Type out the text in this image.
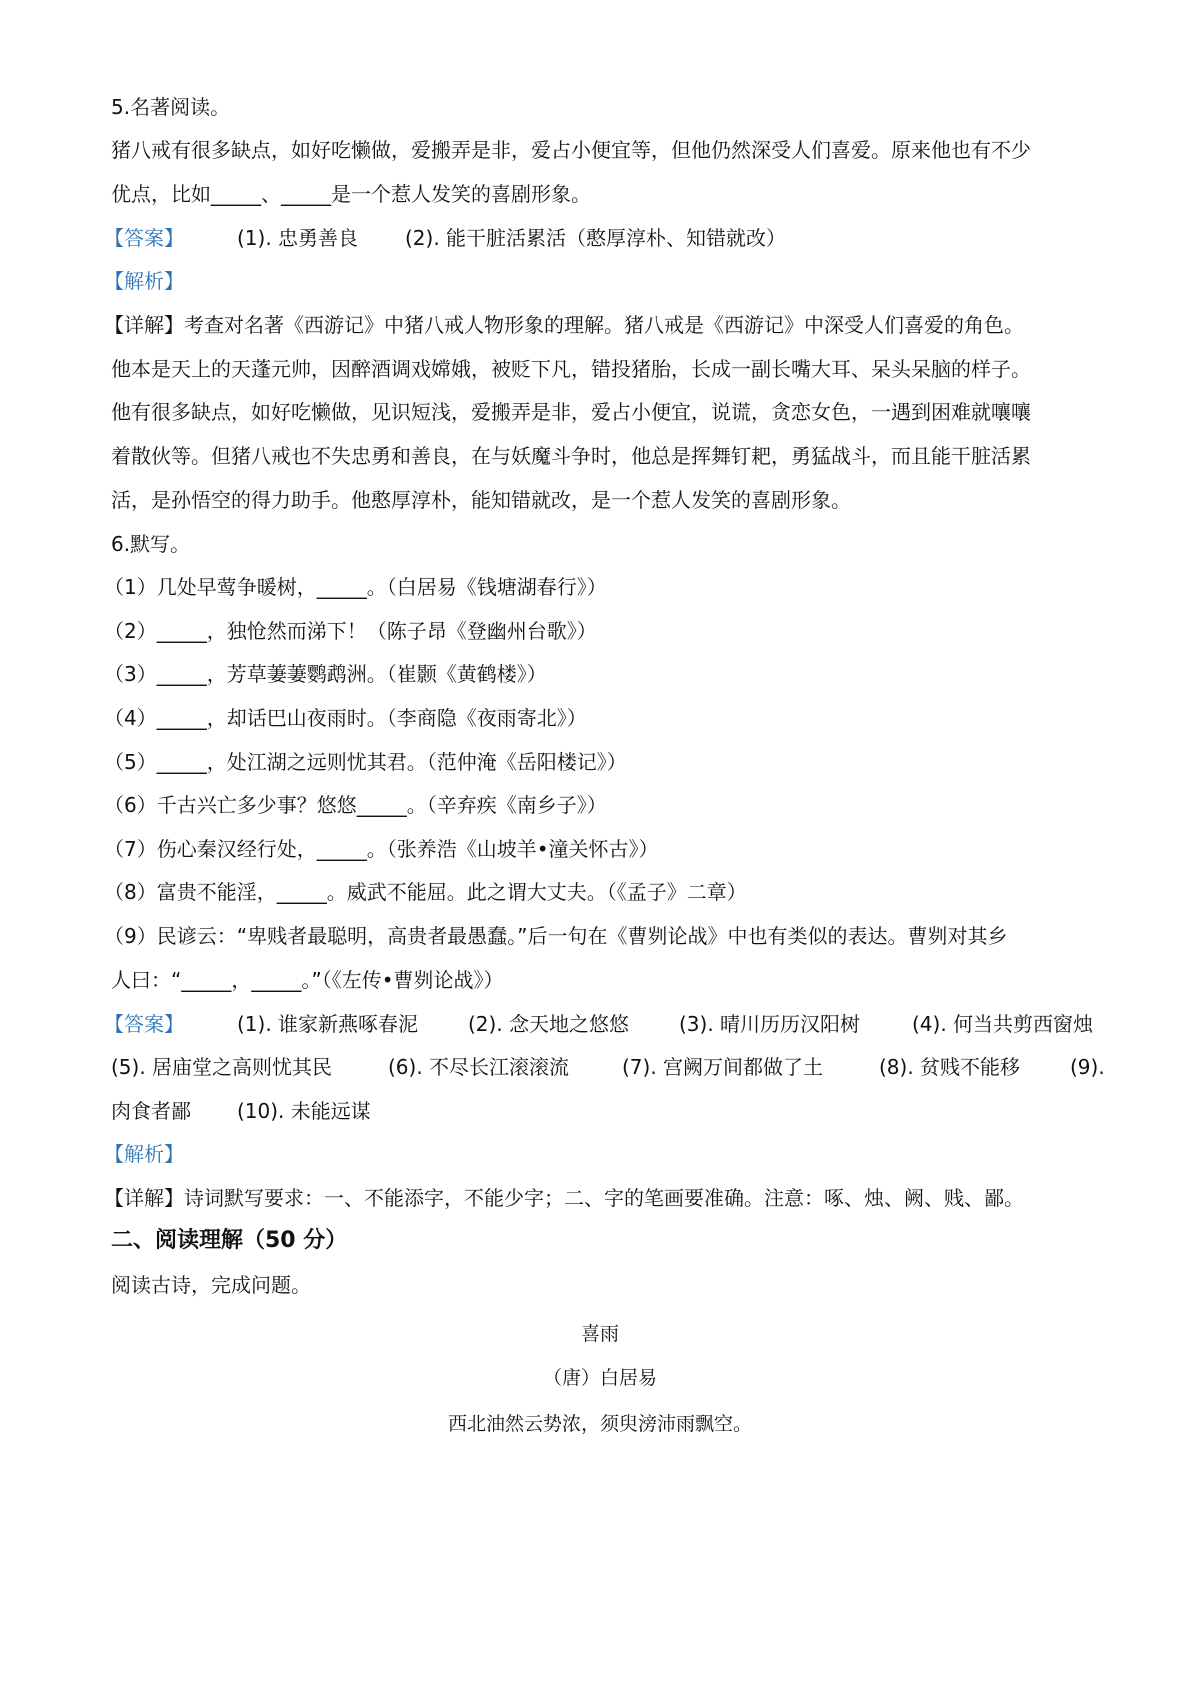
5.名著阅读。
猪八戒有很多缺点，如好吃懒做，爱搬弄是非，爱占小便宜等，但他仍然深受人们喜爱。原来他也有不少
优点，比如_____、_____是一个惹人发笑的喜剧形象。
【答案】	(1). 忠勇善良 (2). 能干脏活累活（憨厚淳朴、知错就改）
【解析】
【详解】考查对名著《西游记》中猪八戒人物形象的理解。猪八戒是《西游记》中深受人们喜爱的角色。
他本是天上的天蓬元帅，因醉酒调戏嫦娥，被贬下凡，错投猪胎，长成一副长嘴大耳、呆头呆脑的样子。
他有很多缺点，如好吃懒做，见识短浅，爱搬弄是非，爱占小便宜，说谎，贪恋女色，一遇到困难就嚷嚷
着散伙等。但猪八戒也不失忠勇和善良，在与妖魔斗争时，他总是挥舞钉耙，勇猛战斗，而且能干脏活累
活，是孙悟空的得力助手。他憨厚淳朴，能知错就改，是一个惹人发笑的喜剧形象。
6.默写。
（1）几处早莺争暖树，_____。（白居易《钱塘湖春行》）
（2）_____，独怆然而涕下！（陈子昂《登幽州台歌》）
（3）_____，芳草萋萋鹦鹉洲。（崔颢《黄鹤楼》）
（4）_____，却话巴山夜雨时。（李商隐《夜雨寄北》）
（5）_____，处江湖之远则忧其君。（范仲淹《岳阳楼记》）
（6）千古兴亡多少事？悠悠_____。（辛弃疾《南乡子》）
（7）伤心秦汉经行处，_____。（张养浩《山坡羊•潼关怀古》）
（8）富贵不能淫，_____。威武不能屈。此之谓大丈夫。（《孟子》二章）
（9）民谚云：“卑贱者最聪明，高贵者最愚蠢。”后一句在《曹刿论战》中也有类似的表达。曹刿对其乡
人曰：“_____，_____。”（《左传•曹刿论战》）
【答案】	(1). 谁家新燕啄春泥 (2). 念天地之悠悠 (3). 晴川历历汉阳树	(4). 何当共剪西窗烛
(5). 居庙堂之高则忧其民	(6). 不尽长江滚滚流	(7). 宫阙万间都做了土	(8). 贫贱不能移 (9).
肉食者鄙 (10). 未能远谋
【解析】
【详解】诗词默写要求：一、不能添字，不能少字；二、字的笔画要准确。注意：啄、烛、阙、贱、鄙。
二、阅读理解（50 分）
阅读古诗，完成问题。
喜雨
（唐）白居易
西北油然云势浓，须臾滂沛雨飘空。
